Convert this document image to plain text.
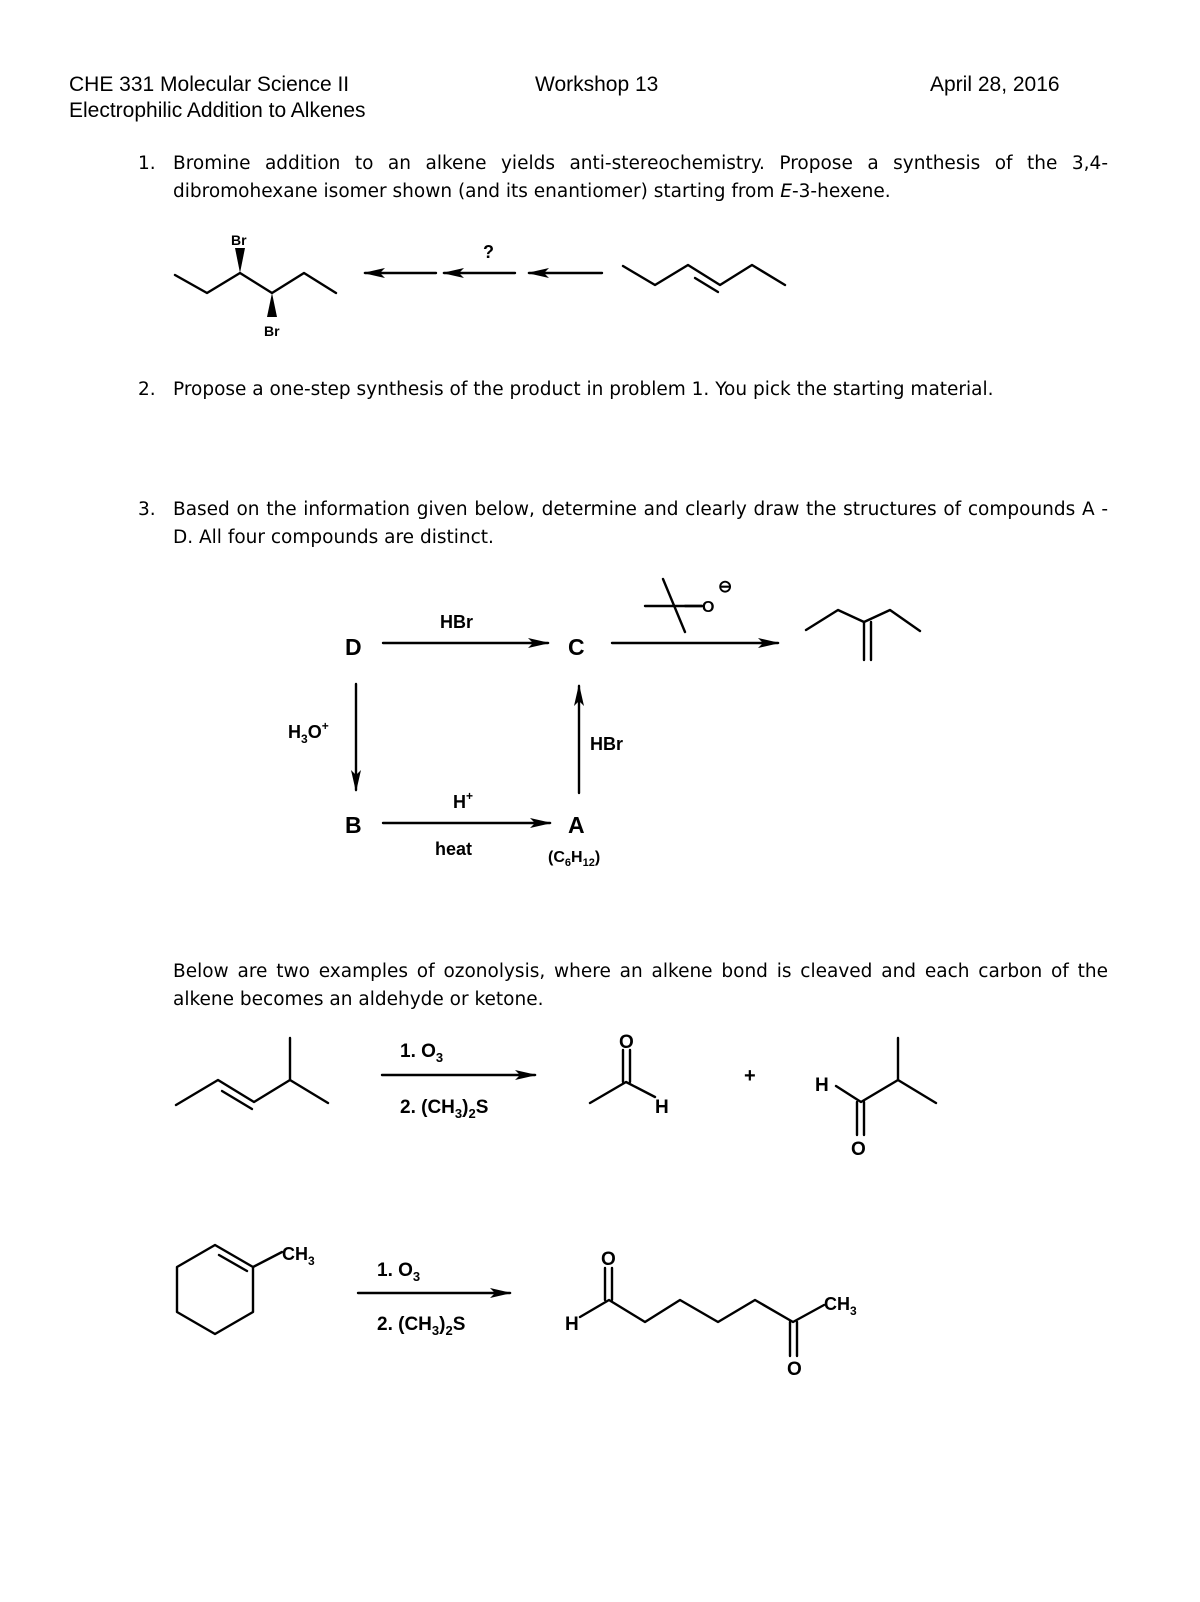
CHE 331 Molecular Science II
Electrophilic Addition to Alkenes
Workshop 13	April 28, 2016
1. Bromine addition to an alkene yields anti-stereochemistry. Propose a synthesis of the 3,4-dibromohexane isomer shown (and its enantiomer) starting from E-3-hexene.
2. Propose a one-step synthesis of the product in problem 1. You pick the starting material.
3. Based on the information given below, determine and clearly draw the structures of compounds A - D. All four compounds are distinct.
Below are two examples of ozonolysis, where an alkene bond is cleaved and each carbon of the alkene becomes an aldehyde or ketone.
Br
Br
?
D	C
B	A
HBr
$H_3O^+$
HBr
H+
heat	$(C_6H_{12})$
O
⊖
1. $O_3$
2. $(CH_3)_2S$
O
H
+	H
O
$CH_3$	1. $O_3$
2. $(CH_3)_2S$	H
O
O
$CH_3$
